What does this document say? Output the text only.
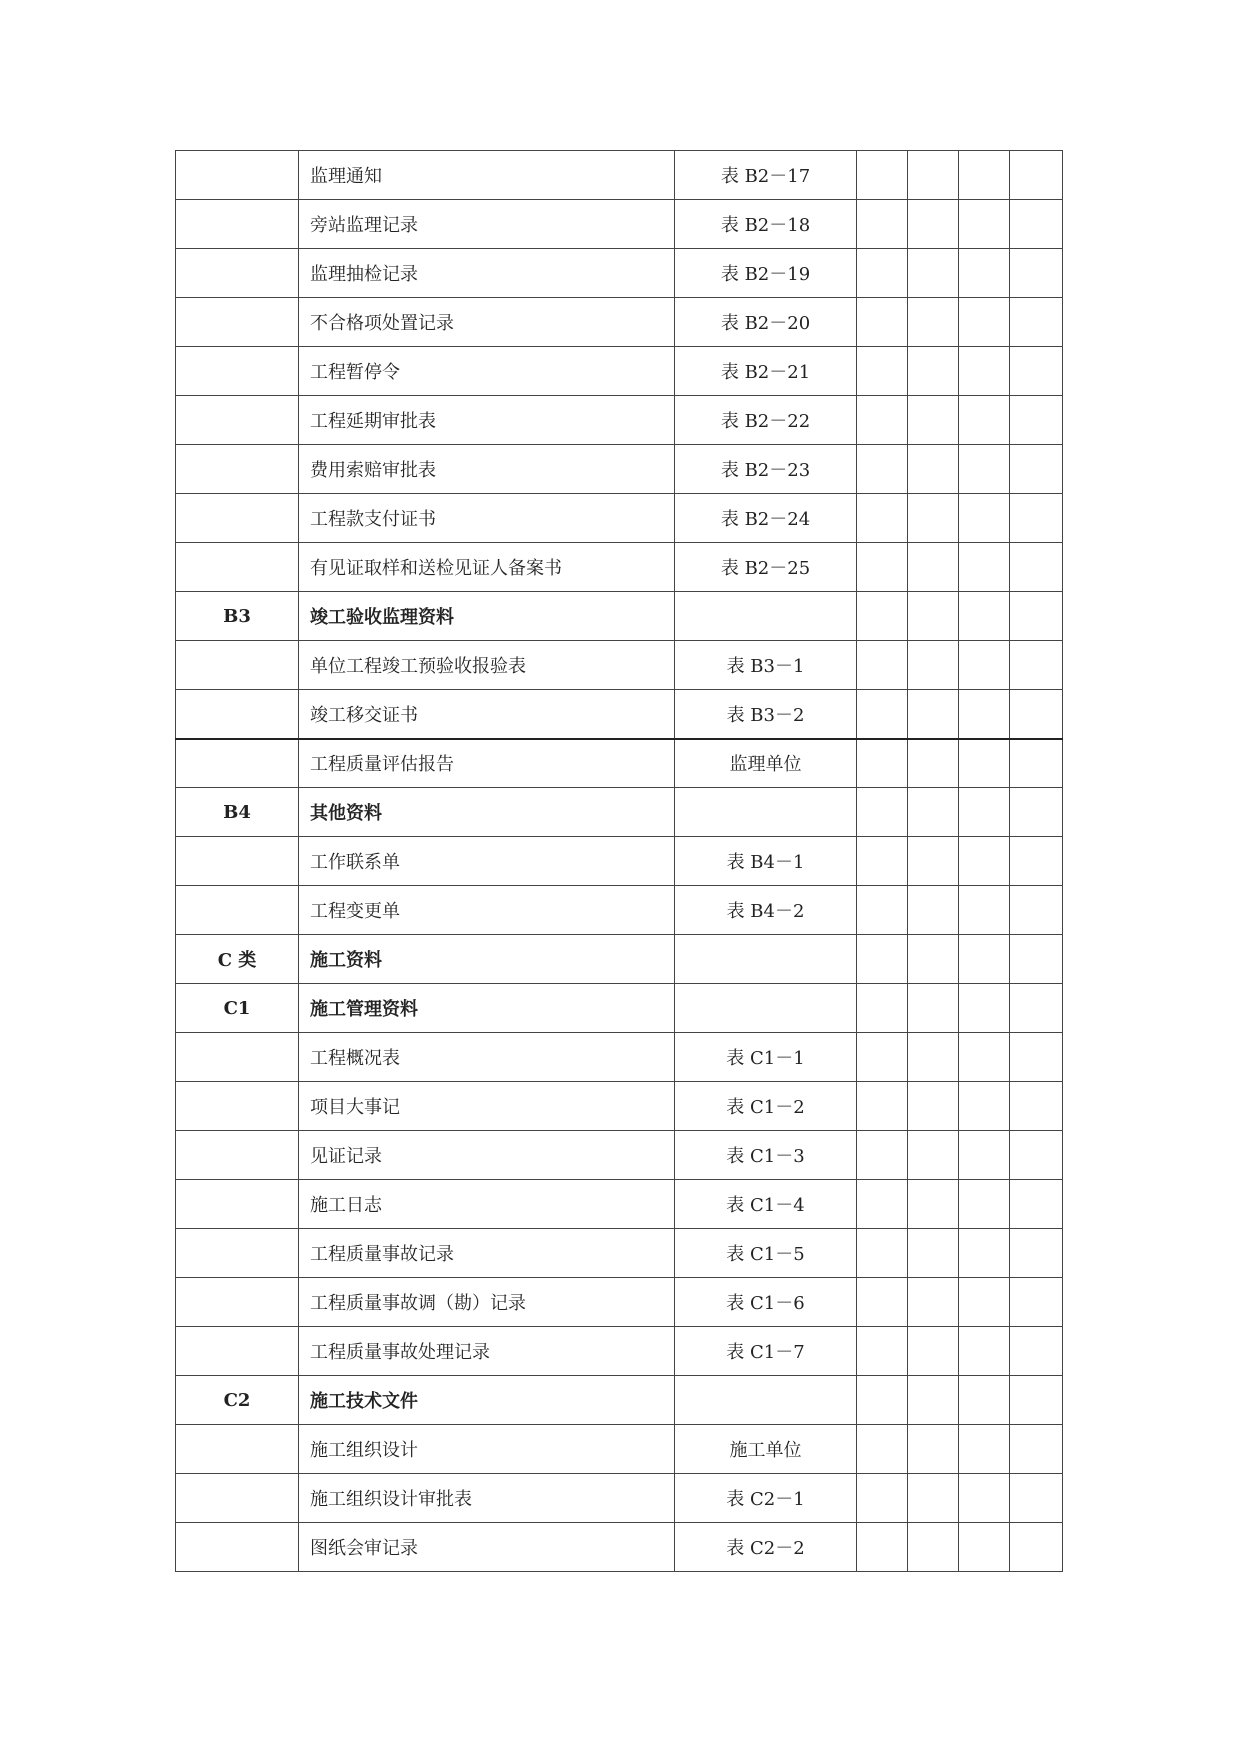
	监理通知	表 B2－17				
	旁站监理记录	表 B2－18				
	监理抽检记录	表 B2－19				
	不合格项处置记录	表 B2－20				
	工程暂停令	表 B2－21				
	工程延期审批表	表 B2－22				
	费用索赔审批表	表 B2－23				
	工程款支付证书	表 B2－24				
	有见证取样和送检见证人备案书	表 B2－25				
B3	竣工验收监理资料					
	单位工程竣工预验收报验表	表 B3－1				
	竣工移交证书	表 B3－2				
	工程质量评估报告	监理单位				
B4	其他资料					
	工作联系单	表 B4－1				
	工程变更单	表 B4－2				
C 类	施工资料					
C1	施工管理资料					
	工程概况表	表 C1－1				
	项目大事记	表 C1－2				
	见证记录	表 C1－3				
	施工日志	表 C1－4				
	工程质量事故记录	表 C1－5				
	工程质量事故调（勘）记录	表 C1－6				
	工程质量事故处理记录	表 C1－7				
C2	施工技术文件					
	施工组织设计	施工单位				
	施工组织设计审批表	表 C2－1				
	图纸会审记录	表 C2－2				
